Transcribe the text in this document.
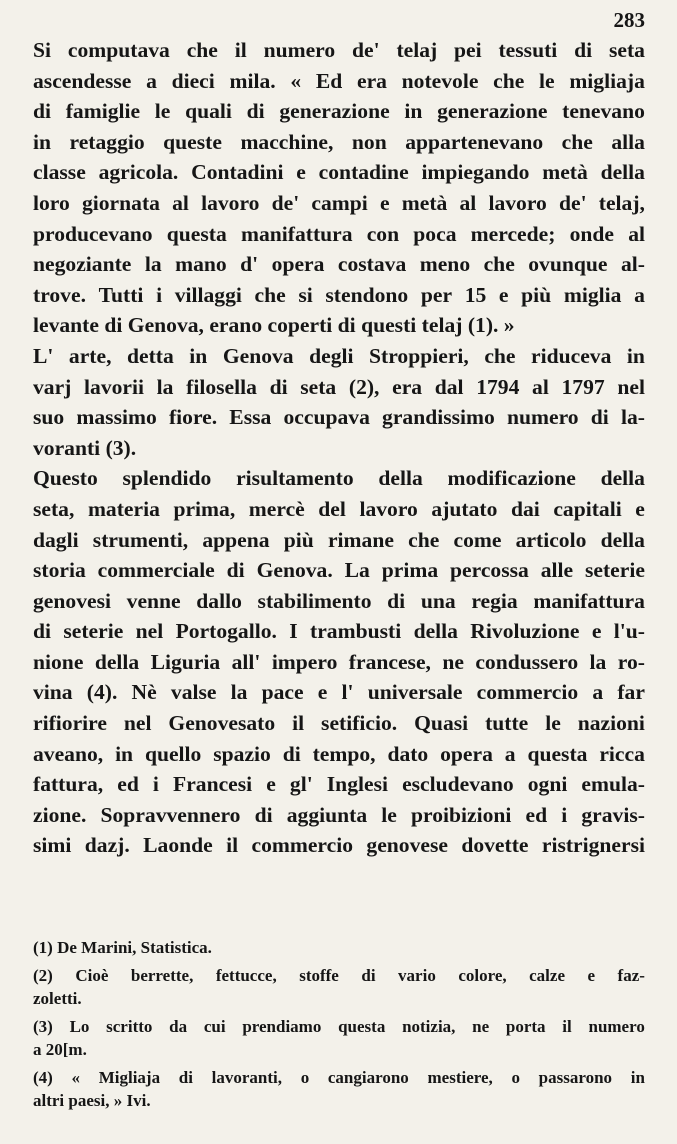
283
Si computava che il numero de' telaj pei tessuti di seta
ascendesse a dieci mila. « Ed era notevole che le migliaja
di famiglie le quali di generazione in generazione tenevano
in retaggio queste macchine, non appartenevano che alla
classe agricola. Contadini e contadine impiegando metà della
loro giornata al lavoro de' campi e metà al lavoro de' telaj,
producevano questa manifattura con poca mercede; onde al
negoziante la mano d' opera costava meno che ovunque al-
trove. Tutti i villaggi che si stendono per 15 e più miglia a
levante di Genova, erano coperti di questi telaj (1). »
L' arte, detta in Genova degli Stroppieri, che riduceva in
varj lavorii la filosella di seta (2), era dal 1794 al 1797 nel
suo massimo fiore. Essa occupava grandissimo numero di la-
voranti (3).
Questo splendido risultamento della modificazione della
seta, materia prima, mercè del lavoro ajutato dai capitali e
dagli strumenti, appena più rimane che come articolo della
storia commerciale di Genova. La prima percossa alle seterie
genovesi venne dallo stabilimento di una regia manifattura
di seterie nel Portogallo. I trambusti della Rivoluzione e l'u-
nione della Liguria all' impero francese, ne condussero la ro-
vina (4). Nè valse la pace e l' universale commercio a far
rifiorire nel Genovesato il setificio. Quasi tutte le nazioni
aveano, in quello spazio di tempo, dato opera a questa ricca
fattura, ed i Francesi e gl' Inglesi escludevano ogni emula-
zione. Sopravvennero di aggiunta le proibizioni ed i gravis-
simi dazj. Laonde il commercio genovese dovette ristrignersi
(1) De Marini, Statistica.
(2) Cioè berrette, fettucce, stoffe di vario colore, calze e faz-
zoletti.
(3) Lo scritto da cui prendiamo questa notizia, ne porta il numero
a 20[m.
(4) « Migliaja di lavoranti, o cangiarono mestiere, o passarono in
altri paesi, » Ivi.
